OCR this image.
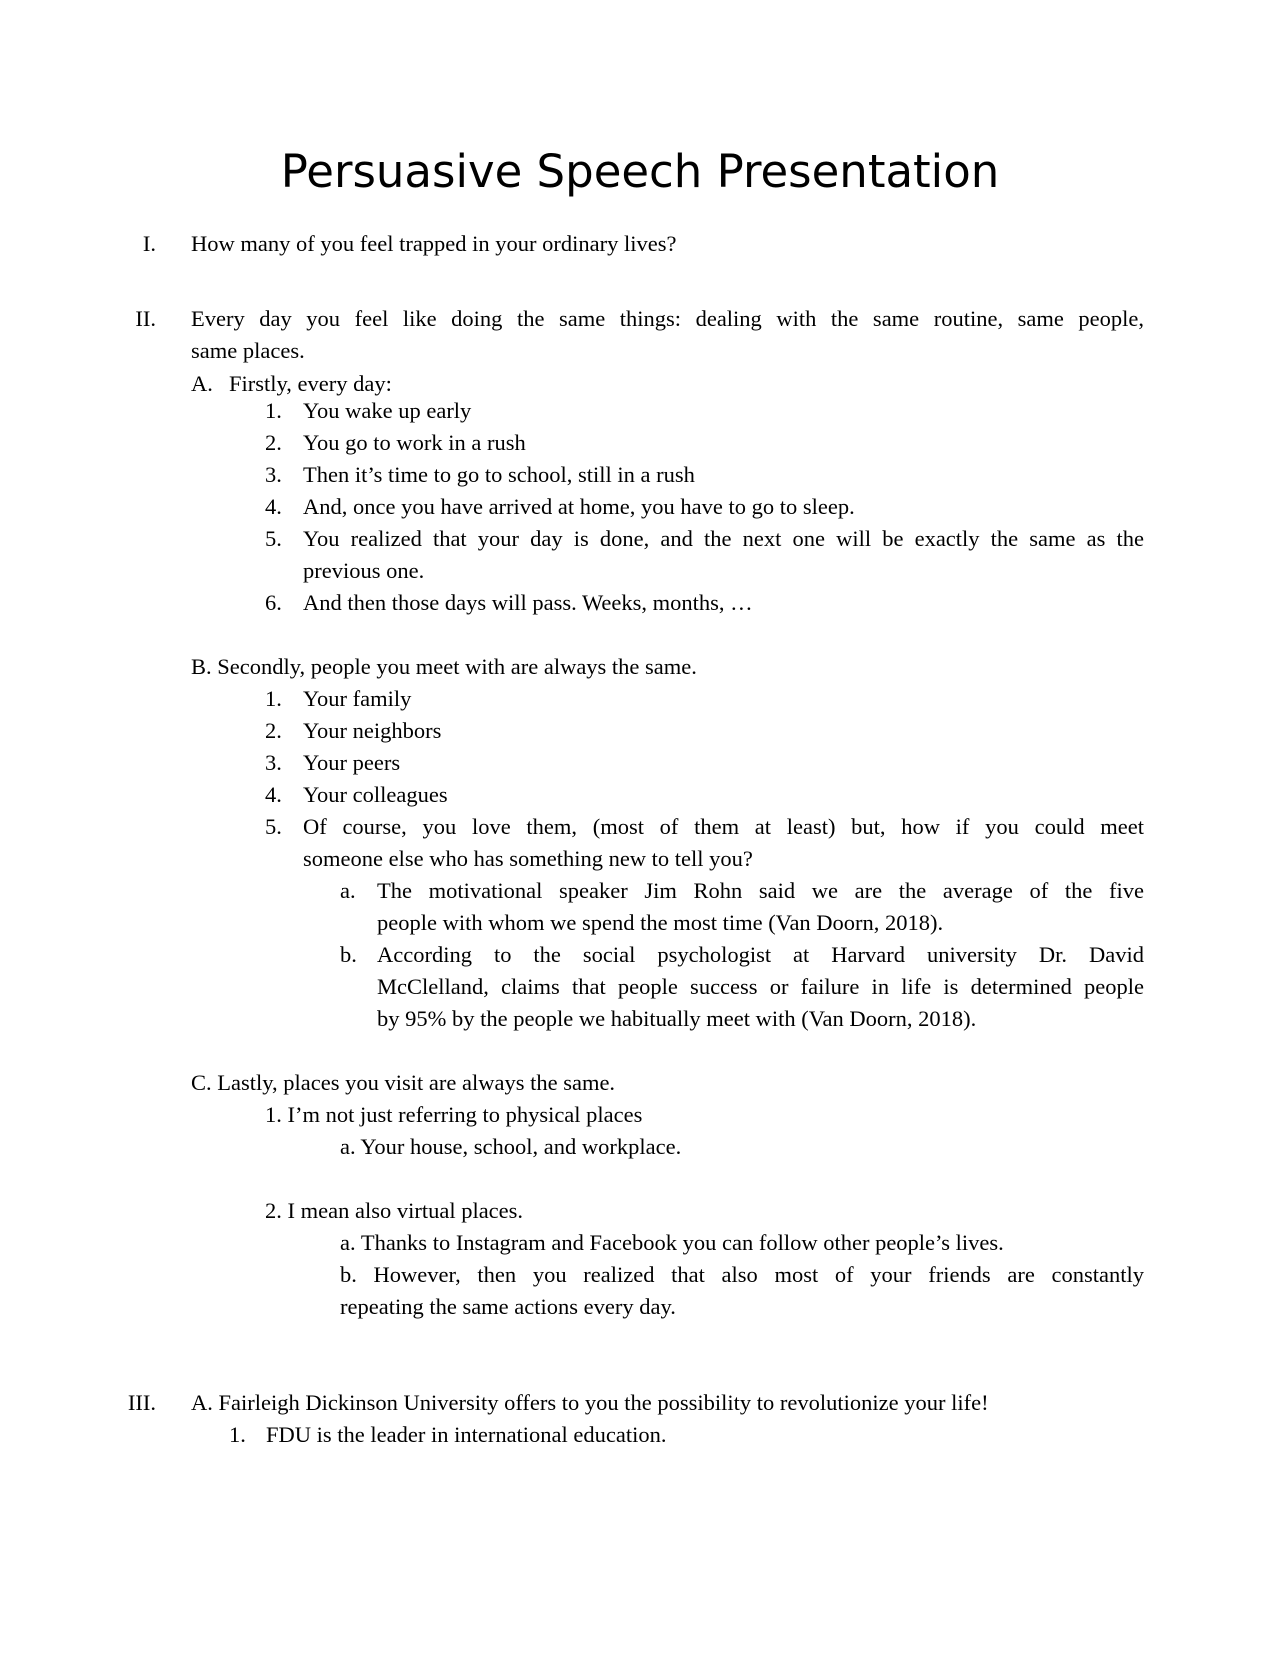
Persuasive Speech Presentation

I. How many of you feel trapped in your ordinary lives?

II. Every day you feel like doing the same things: dealing with the same routine, same people,

same places.

A. Firstly, every day:

1. You wake up early

2. You go to work in a rush

3. Then it’s time to go to school, still in a rush

4. And, once you have arrived at home, you have to go to sleep.

5. You realized that your day is done, and the next one will be exactly the same as the

previous one.

6. And then those days will pass. Weeks, months, …

B. Secondly, people you meet with are always the same.

1. Your family

2. Your neighbors

3. Your peers

4. Your colleagues

5. Of course, you love them, (most of them at least) but, how if you could meet

someone else who has something new to tell you?

a. The motivational speaker Jim Rohn said we are the average of the five

people with whom we spend the most time (Van Doorn, 2018).

b. According to the social psychologist at Harvard university Dr. David

McClelland, claims that people success or failure in life is determined people

by 95% by the people we habitually meet with (Van Doorn, 2018).

C. Lastly, places you visit are always the same.

1. I’m not just referring to physical places

a. Your house, school, and workplace.

2. I mean also virtual places.

a. Thanks to Instagram and Facebook you can follow other people’s lives.

b. However, then you realized that also most of your friends are constantly

repeating the same actions every day.

III. A. Fairleigh Dickinson University offers to you the possibility to revolutionize your life!

1. FDU is the leader in international education.
